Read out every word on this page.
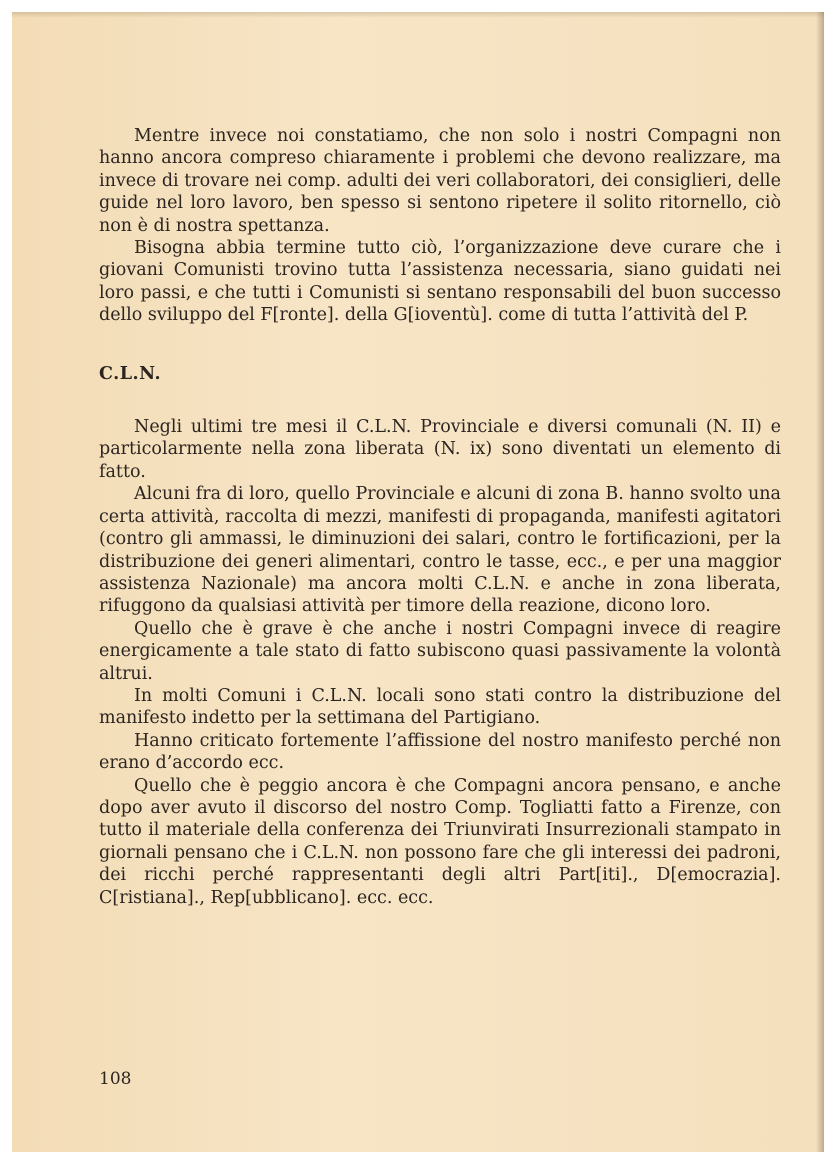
Mentre invece noi constatiamo, che non solo i nostri Compagni non hanno ancora compreso chiaramente i problemi che devono realizzare, ma invece di trovare nei comp. adulti dei veri collaboratori, dei consiglieri, delle guide nel loro lavoro, ben spesso si sentono ripetere il solito ritornello, ciò non è di nostra spettanza.

Bisogna abbia termine tutto ciò, l’organizzazione deve curare che i giovani Comunisti trovino tutta l’assistenza necessaria, siano guidati nei loro passi, e che tutti i Comunisti si sentano responsabili del buon successo dello sviluppo del F[ronte]. della G[ioventù]. come di tutta l’attività del P.

C.L.N.

Negli ultimi tre mesi il C.L.N. Provinciale e diversi comunali (N. II) e particolarmente nella zona liberata (N. ix) sono diventati un elemento di fatto.

Alcuni fra di loro, quello Provinciale e alcuni di zona B. hanno svolto una certa attività, raccolta di mezzi, manifesti di propaganda, manifesti agitatori (contro gli ammassi, le diminuzioni dei salari, contro le fortificazioni, per la distribuzione dei generi alimentari, contro le tasse, ecc., e per una maggior assistenza Nazionale) ma ancora molti C.L.N. e anche in zona liberata, rifuggono da qualsiasi attività per timore della reazione, dicono loro.

Quello che è grave è che anche i nostri Compagni invece di reagire energicamente a tale stato di fatto subiscono quasi passivamente la volontà altrui.

In molti Comuni i C.L.N. locali sono stati contro la distribuzione del manifesto indetto per la settimana del Partigiano.

Hanno criticato fortemente l’affissione del nostro manifesto perché non erano d’accordo ecc.

Quello che è peggio ancora è che Compagni ancora pensano, e anche dopo aver avuto il discorso del nostro Comp. Togliatti fatto a Firenze, con tutto il materiale della conferenza dei Triunvirati Insurrezionali stampato in giornali pensano che i C.L.N. non possono fare che gli interessi dei padroni, dei ricchi perché rappresentanti degli altri Part[iti]., D[emocrazia]. C[ristiana]., Rep[ubblicano]. ecc. ecc.

108
